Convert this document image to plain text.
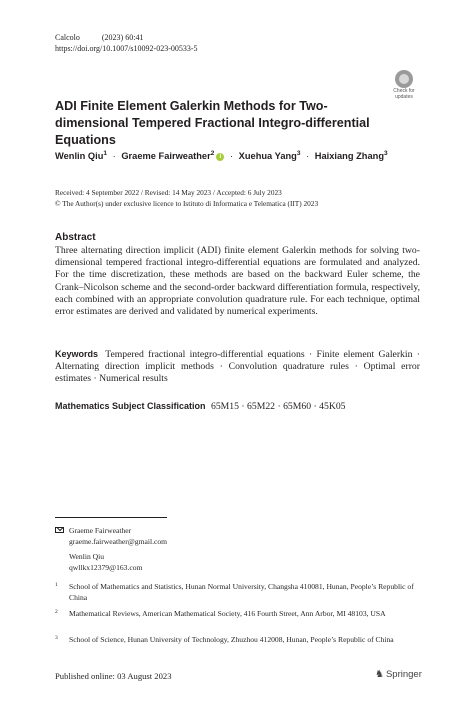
Calcolo	(2023) 60:41
https://doi.org/10.1007/s10092-023-00533-5
Check for
updates
ADI Finite Element Galerkin Methods for Two-dimensional Tempered Fractional Integro-differential Equations
Wenlin Qiu$^1$ · Graeme Fairweather$^2$i · Xuehua Yang$^3$ · Haixiang Zhang$^3$
Received: 4 September 2022 / Revised: 14 May 2023 / Accepted: 6 July 2023
© The Author(s) under exclusive licence to Istituto di Informatica e Telematica (IIT) 2023
Abstract
Three alternating direction implicit (ADI) finite element Galerkin methods for solving two-dimensional tempered fractional integro-differential equations are formulated and analyzed. For the time discretization, these methods are based on the backward Euler scheme, the Crank–Nicolson scheme and the second-order backward differentiation formula, respectively, each combined with an appropriate convolution quadrature rule. For each technique, optimal error estimates are derived and validated by numerical experiments.
Keywords Tempered fractional integro-differential equations · Finite element Galerkin · Alternating direction implicit methods · Convolution quadrature rules · Optimal error estimates · Numerical results
Mathematics Subject Classification 65M15 · 65M22 · 65M60 · 45K05
Graeme Fairweather
graeme.fairweather@gmail.com
Wenlin Qiu
qwllkx12379@163.com
1 School of Mathematics and Statistics, Hunan Normal University, Changsha 410081, Hunan, People’s Republic of China
2 Mathematical Reviews, American Mathematical Society, 416 Fourth Street, Ann Arbor, MI 48103, USA
3 School of Science, Hunan University of Technology, Zhuzhou 412008, Hunan, People’s Republic of China
Published online: 03 August 2023	♞ Springer
